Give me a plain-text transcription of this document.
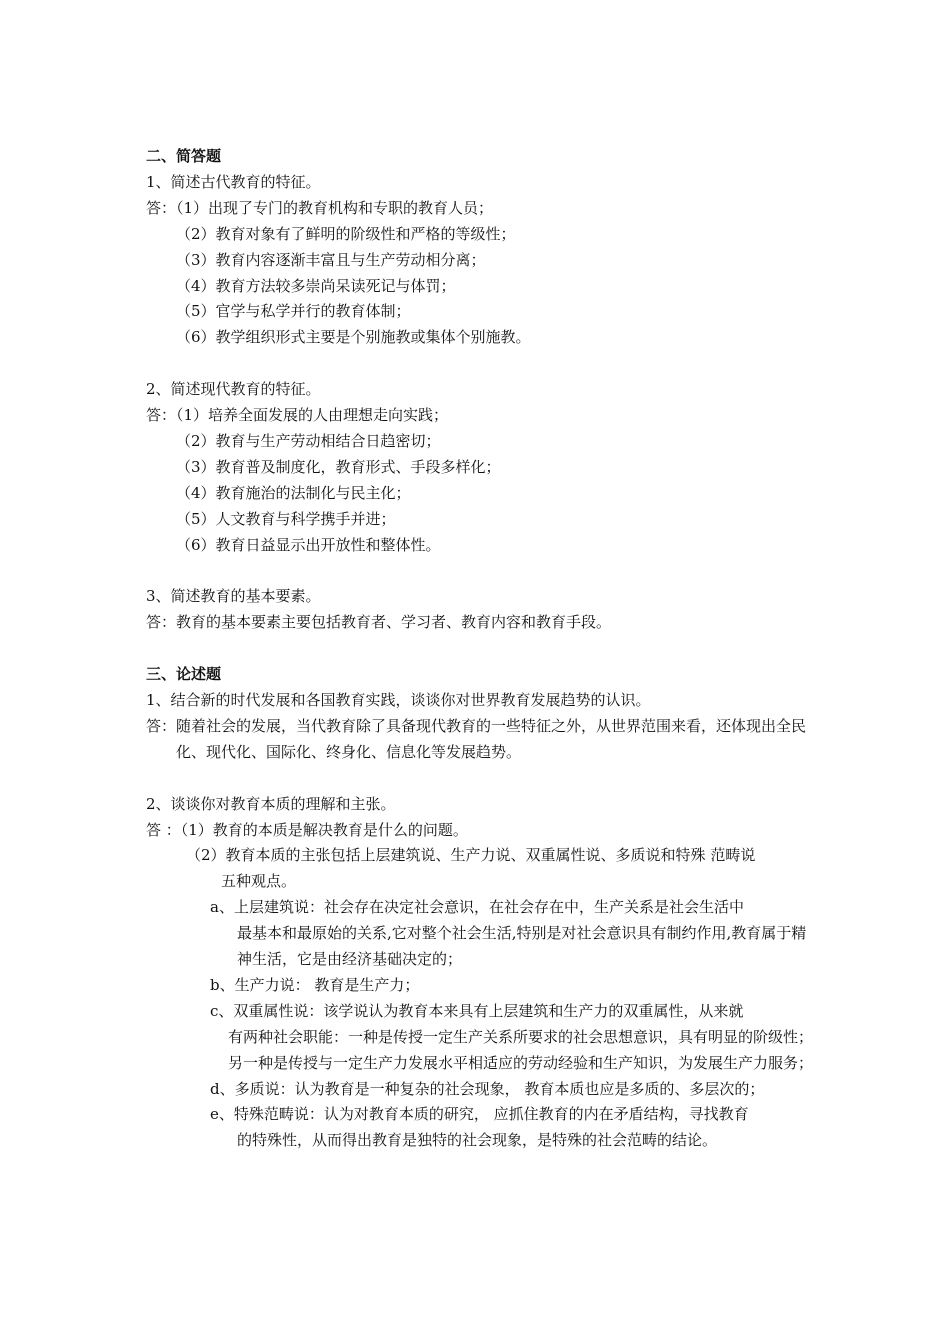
二、简答题
1、简述古代教育的特征。
答：（1）出现了专门的教育机构和专职的教育人员；
（2）教育对象有了鲜明的阶级性和严格的等级性；
（3）教育内容逐渐丰富且与生产劳动相分离；
（4）教育方法较多崇尚呆读死记与体罚；
（5）官学与私学并行的教育体制；
（6）教学组织形式主要是个别施教或集体个别施教。
2、简述现代教育的特征。
答：（1）培养全面发展的人由理想走向实践；
（2）教育与生产劳动相结合日趋密切；
（3）教育普及制度化，教育形式、手段多样化；
（4）教育施治的法制化与民主化；
（5）人文教育与科学携手并进；
（6）教育日益显示出开放性和整体性。
3、简述教育的基本要素。
答：教育的基本要素主要包括教育者、学习者、教育内容和教育手段。
三、论述题
1、结合新的时代发展和各国教育实践，谈谈你对世界教育发展趋势的认识。
答：随着社会的发展，当代教育除了具备现代教育的一些特征之外，从世界范围来看，还体现出全民化、现代化、国际化、终身化、信息化等发展趋势。
2、谈谈你对教育本质的理解和主张。
答 ：（1）教育的本质是解决教育是什么的问题。
（2）教育本质的主张包括上层建筑说、生产力说、双重属性说、多质说和特殊 范畴说
五种观点。
a、上层建筑说：社会存在决定社会意识，在社会存在中，生产关系是社会生活中
最基本和最原始的关系,它对整个社会生活,特别是对社会意识具有制约作用,教育属于精神生活，它是由经济基础决定的；
b、生产力说： 教育是生产力；
c、双重属性说：该学说认为教育本来具有上层建筑和生产力的双重属性，从来就
有两种社会职能：一种是传授一定生产关系所要求的社会思想意识，具有明显的阶级性；另一种是传授与一定生产力发展水平相适应的劳动经验和生产知识，为发展生产力服务；
d、多质说：认为教育是一种复杂的社会现象， 教育本质也应是多质的、多层次的；
e、特殊范畴说：认为对教育本质的研究， 应抓住教育的内在矛盾结构，寻找教育
的特殊性，从而得出教育是独特的社会现象，是特殊的社会范畴的结论。
